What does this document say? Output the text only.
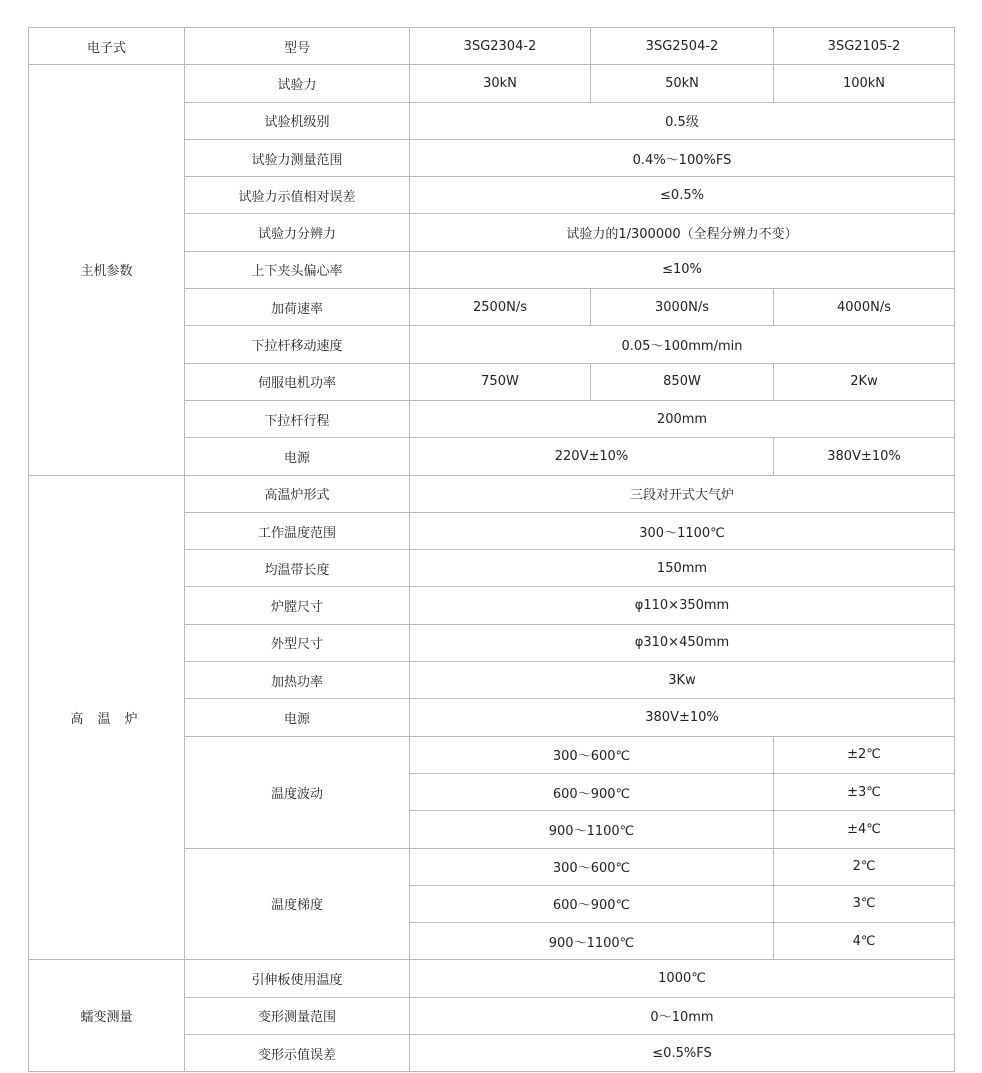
电子式	型号	3SG2304-2	3SG2504-2	3SG2105-2
主机参数	试验力	30kN	50kN	100kN
	试验机级别	0.5级		
	试验力测量范围	0.4%～100%FS		
	试验力示值相对误差	≤0.5%		
	试验力分辨力	试验力的1/300000（全程分辨力不变）		
	上下夹头偏心率	≤10%		
	加荷速率	2500N/s	3000N/s	4000N/s
	下拉杆移动速度	0.05～100mm/min		
	伺服电机功率	750W	850W	2Kw
	下拉杆行程	200mm		
	电源	220V±10%		380V±10%
高 温 炉	高温炉形式	三段对开式大气炉		
	工作温度范围	300～1100℃		
	均温带长度	150mm		
	炉膛尺寸	φ110×350mm		
	外型尺寸	φ310×450mm		
	加热功率	3Kw		
	电源	380V±10%		
	温度波动	300～600℃		±2℃
		600～900℃		±3℃
		900～1100℃		±4℃
	温度梯度	300～600℃		2℃
		600～900℃		3℃
		900～1100℃		4℃
蠕变测量	引伸板使用温度	1000℃		
	变形测量范围	0～10mm		
	变形示值误差	≤0.5%FS		
